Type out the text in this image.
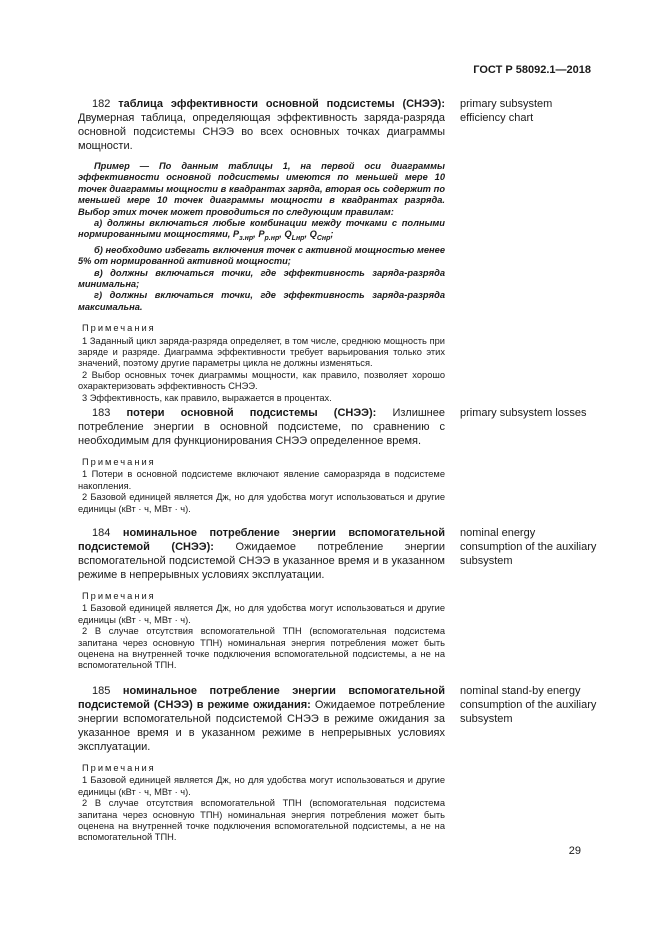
ГОСТ Р 58092.1—2018

182 таблица эффективности основной подсистемы (СНЭЭ): Двумерная таблица, определяющая эффективность заряда-разряда основной подсистемы СНЭЭ во всех основных точках диаграммы мощности.

Пример — По данным таблицы 1, на первой оси диаграммы эффективности основной подсистемы имеются по меньшей мере 10 точек диаграммы мощности в квадрантах заряда, вторая ось содержит по меньшей мере 10 точек диаграммы мощности в квадрантах разряда. Выбор этих точек может проводиться по следующим правилам:

а) должны включаться любые комбинации между точками с полными нормированными мощностями, $P_{з.нр}$, $P_{р.нр}$, $Q_{Lнр}$, $Q_{Cнр}$;

б) необходимо избегать включения точек с активной мощностью менее 5% от нормированной активной мощности;

в) должны включаться точки, где эффективность заряда-разряда минимальна;

г) должны включаться точки, где эффективность заряда-разряда максимальна.

Примечания

1 Заданный цикл заряда-разряда определяет, в том числе, среднюю мощность при заряде и разряде. Диаграмма эффективности требует варьирования только этих значений, поэтому другие параметры цикла не должны изменяться.

2 Выбор основных точек диаграммы мощности, как правило, позволяет хорошо охарактеризовать эффективность СНЭЭ.

3 Эффективность, как правило, выражается в процентах.

primary subsystem efficiency chart

183 потери основной подсистемы (СНЭЭ): Излишнее потребление энергии в основной подсистеме, по сравнению с необходимым для функционирования СНЭЭ определенное время.

Примечания

1 Потери в основной подсистеме включают явление саморазряда в подсистеме накопления.

2 Базовой единицей является Дж, но для удобства могут использоваться и другие единицы (кВт · ч, МВт · ч).

primary subsystem losses

184 номинальное потребление энергии вспомогательной подсистемой (СНЭЭ): Ожидаемое потребление энергии вспомогательной подсистемой СНЭЭ в указанное время и в указанном режиме в непрерывных условиях эксплуатации.

Примечания

1 Базовой единицей является Дж, но для удобства могут использоваться и другие единицы (кВт · ч, МВт · ч).

2 В случае отсутствия вспомогательной ТПН (вспомогательная подсистема запитана через основную ТПН) номинальная энергия потребления может быть оценена на внутренней точке подключения вспомогательной подсистемы, а не на вспомогательной ТПН.

nominal energy consumption of the auxiliary subsystem

185 номинальное потребление энергии вспомогательной подсистемой (СНЭЭ) в режиме ожидания: Ожидаемое потребление энергии вспомогательной подсистемой СНЭЭ в режиме ожидания за указанное время и в указанном режиме в непрерывных условиях эксплуатации.

Примечания

1 Базовой единицей является Дж, но для удобства могут использоваться и другие единицы (кВт · ч, МВт · ч).

2 В случае отсутствия вспомогательной ТПН (вспомогательная подсистема запитана через основную ТПН) номинальная энергия потребления может быть оценена на внутренней точке подключения вспомогательной подсистемы, а не на вспомогательной ТПН.

nominal stand-by energy consumption of the auxiliary subsystem
29
